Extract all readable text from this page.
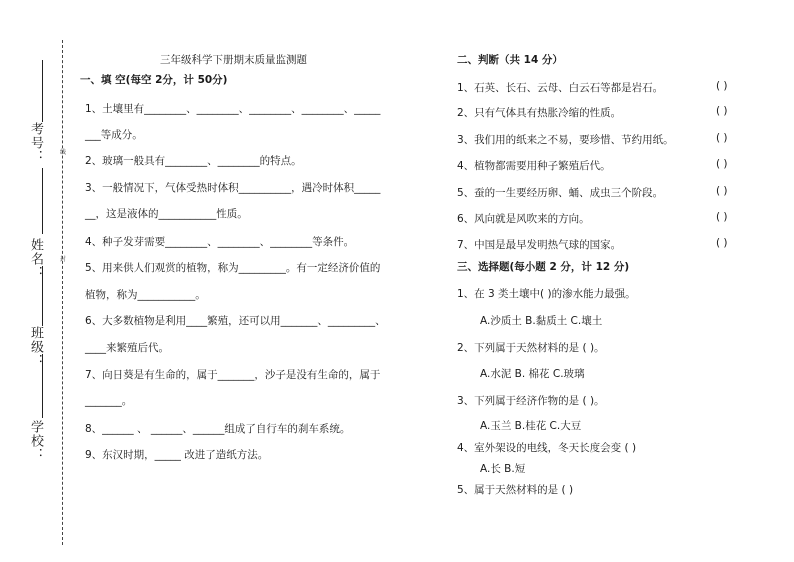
线
封
考号：
姓名：
班级：
学校：
三年级科学下册期末质量监测题
一、填 空(每空 2分，计 50分)
1、土壤里有________、________、________、________、_____
___等成分。
2、玻璃一般具有________、________的特点。
3、一般情况下，气体受热时体积__________，遇冷时体积_____
__，这是液体的___________性质。
4、种子发芽需要________、________、________等条件。
5、用来供人们观赏的植物，称为_________。有一定经济价值的
植物，称为___________。
6、大多数植物是利用____繁殖，还可以用_______、_________、
____来繁殖后代。
7、向日葵是有生命的，属于_______，沙子是没有生命的，属于
_______。
8、______ 、 ______、______组成了自行车的刹车系统。
9、东汉时期，_____ 改进了造纸方法。
二、判断（共 14 分）
1、石英、长石、云母、白云石等都是岩石。	( )
2、只有气体具有热胀冷缩的性质。	( )
3、我们用的纸来之不易，要珍惜、节约用纸。	( )
4、植物都需要用种子繁殖后代。	( )
5、蚕的一生要经历卵、蛹、成虫三个阶段。	( )
6、风向就是风吹来的方向。	( )
7、中国是最早发明热气球的国家。	( )
三、选择题(每小题 2 分，计 12 分)
1、在 3 类土壤中( )的渗水能力最强。
A.沙质土 B.黏质土 C.壤土
2、下列属于天然材料的是 ( )。
A.水泥 B. 棉花 C.玻璃
3、下列属于经济作物的是 ( )。
A.玉兰 B.桂花 C.大豆
4、室外架设的电线，冬天长度会变 ( )
A.长 B.短
5、属于天然材料的是 ( )
